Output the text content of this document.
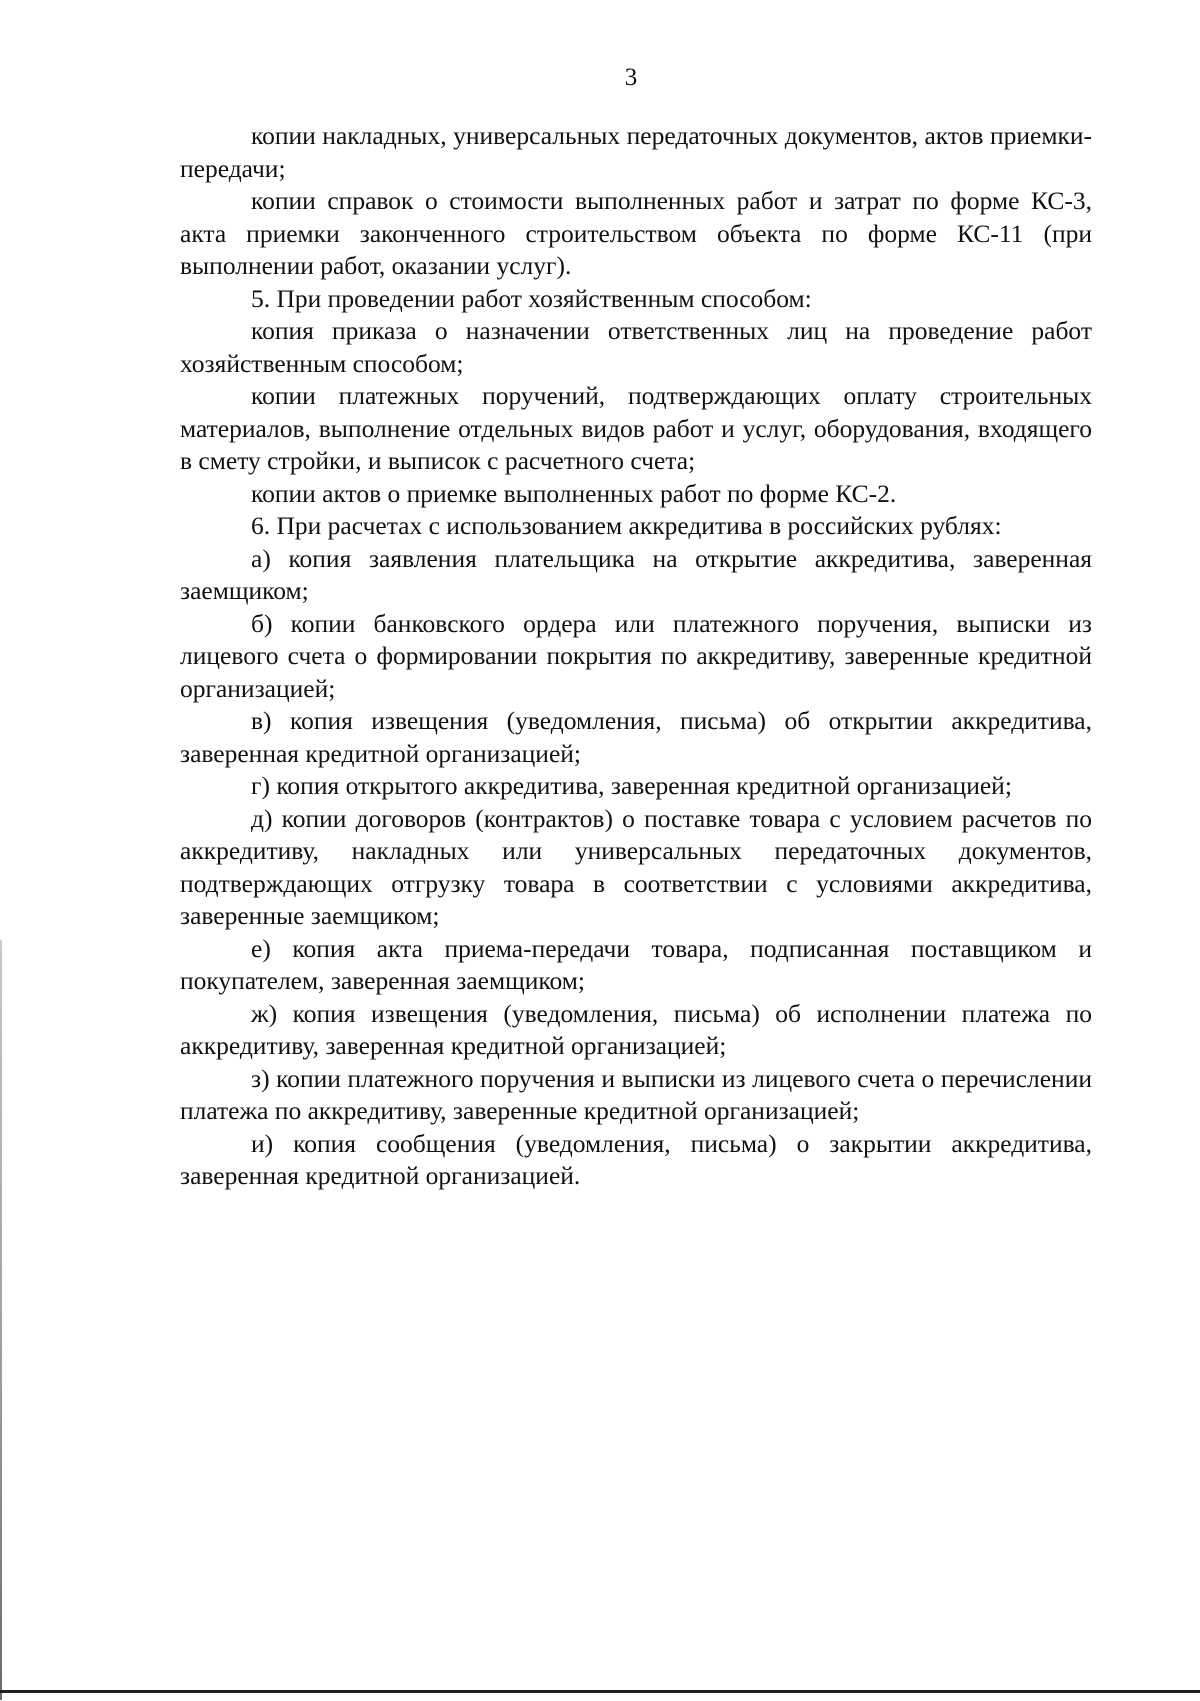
3

копии накладных, универсальных передаточных документов, актов приемки-передачи;

копии справок о стоимости выполненных работ и затрат по форме КС-3, акта приемки законченного строительством объекта по форме КС-11 (при выполнении работ, оказании услуг).

5. При проведении работ хозяйственным способом:

копия приказа о назначении ответственных лиц на проведение работ хозяйственным способом;

копии платежных поручений, подтверждающих оплату строительных материалов, выполнение отдельных видов работ и услуг, оборудования, входящего в смету стройки, и выписок с расчетного счета;

копии актов о приемке выполненных работ по форме КС-2.

6. При расчетах с использованием аккредитива в российских рублях:

а) копия заявления плательщика на открытие аккредитива, заверенная заемщиком;

б) копии банковского ордера или платежного поручения, выписки из лицевого счета о формировании покрытия по аккредитиву, заверенные кредитной организацией;

в) копия извещения (уведомления, письма) об открытии аккредитива, заверенная кредитной организацией;

г) копия открытого аккредитива, заверенная кредитной организацией;

д) копии договоров (контрактов) о поставке товара с условием расчетов по аккредитиву, накладных или универсальных передаточных документов, подтверждающих отгрузку товара в соответствии с условиями аккредитива, заверенные заемщиком;

е) копия акта приема-передачи товара, подписанная поставщиком и покупателем, заверенная заемщиком;

ж) копия извещения (уведомления, письма) об исполнении платежа по аккредитиву, заверенная кредитной организацией;

з) копии платежного поручения и выписки из лицевого счета о перечислении платежа по аккредитиву, заверенные кредитной организацией;

и) копия сообщения (уведомления, письма) о закрытии аккредитива, заверенная кредитной организацией.
